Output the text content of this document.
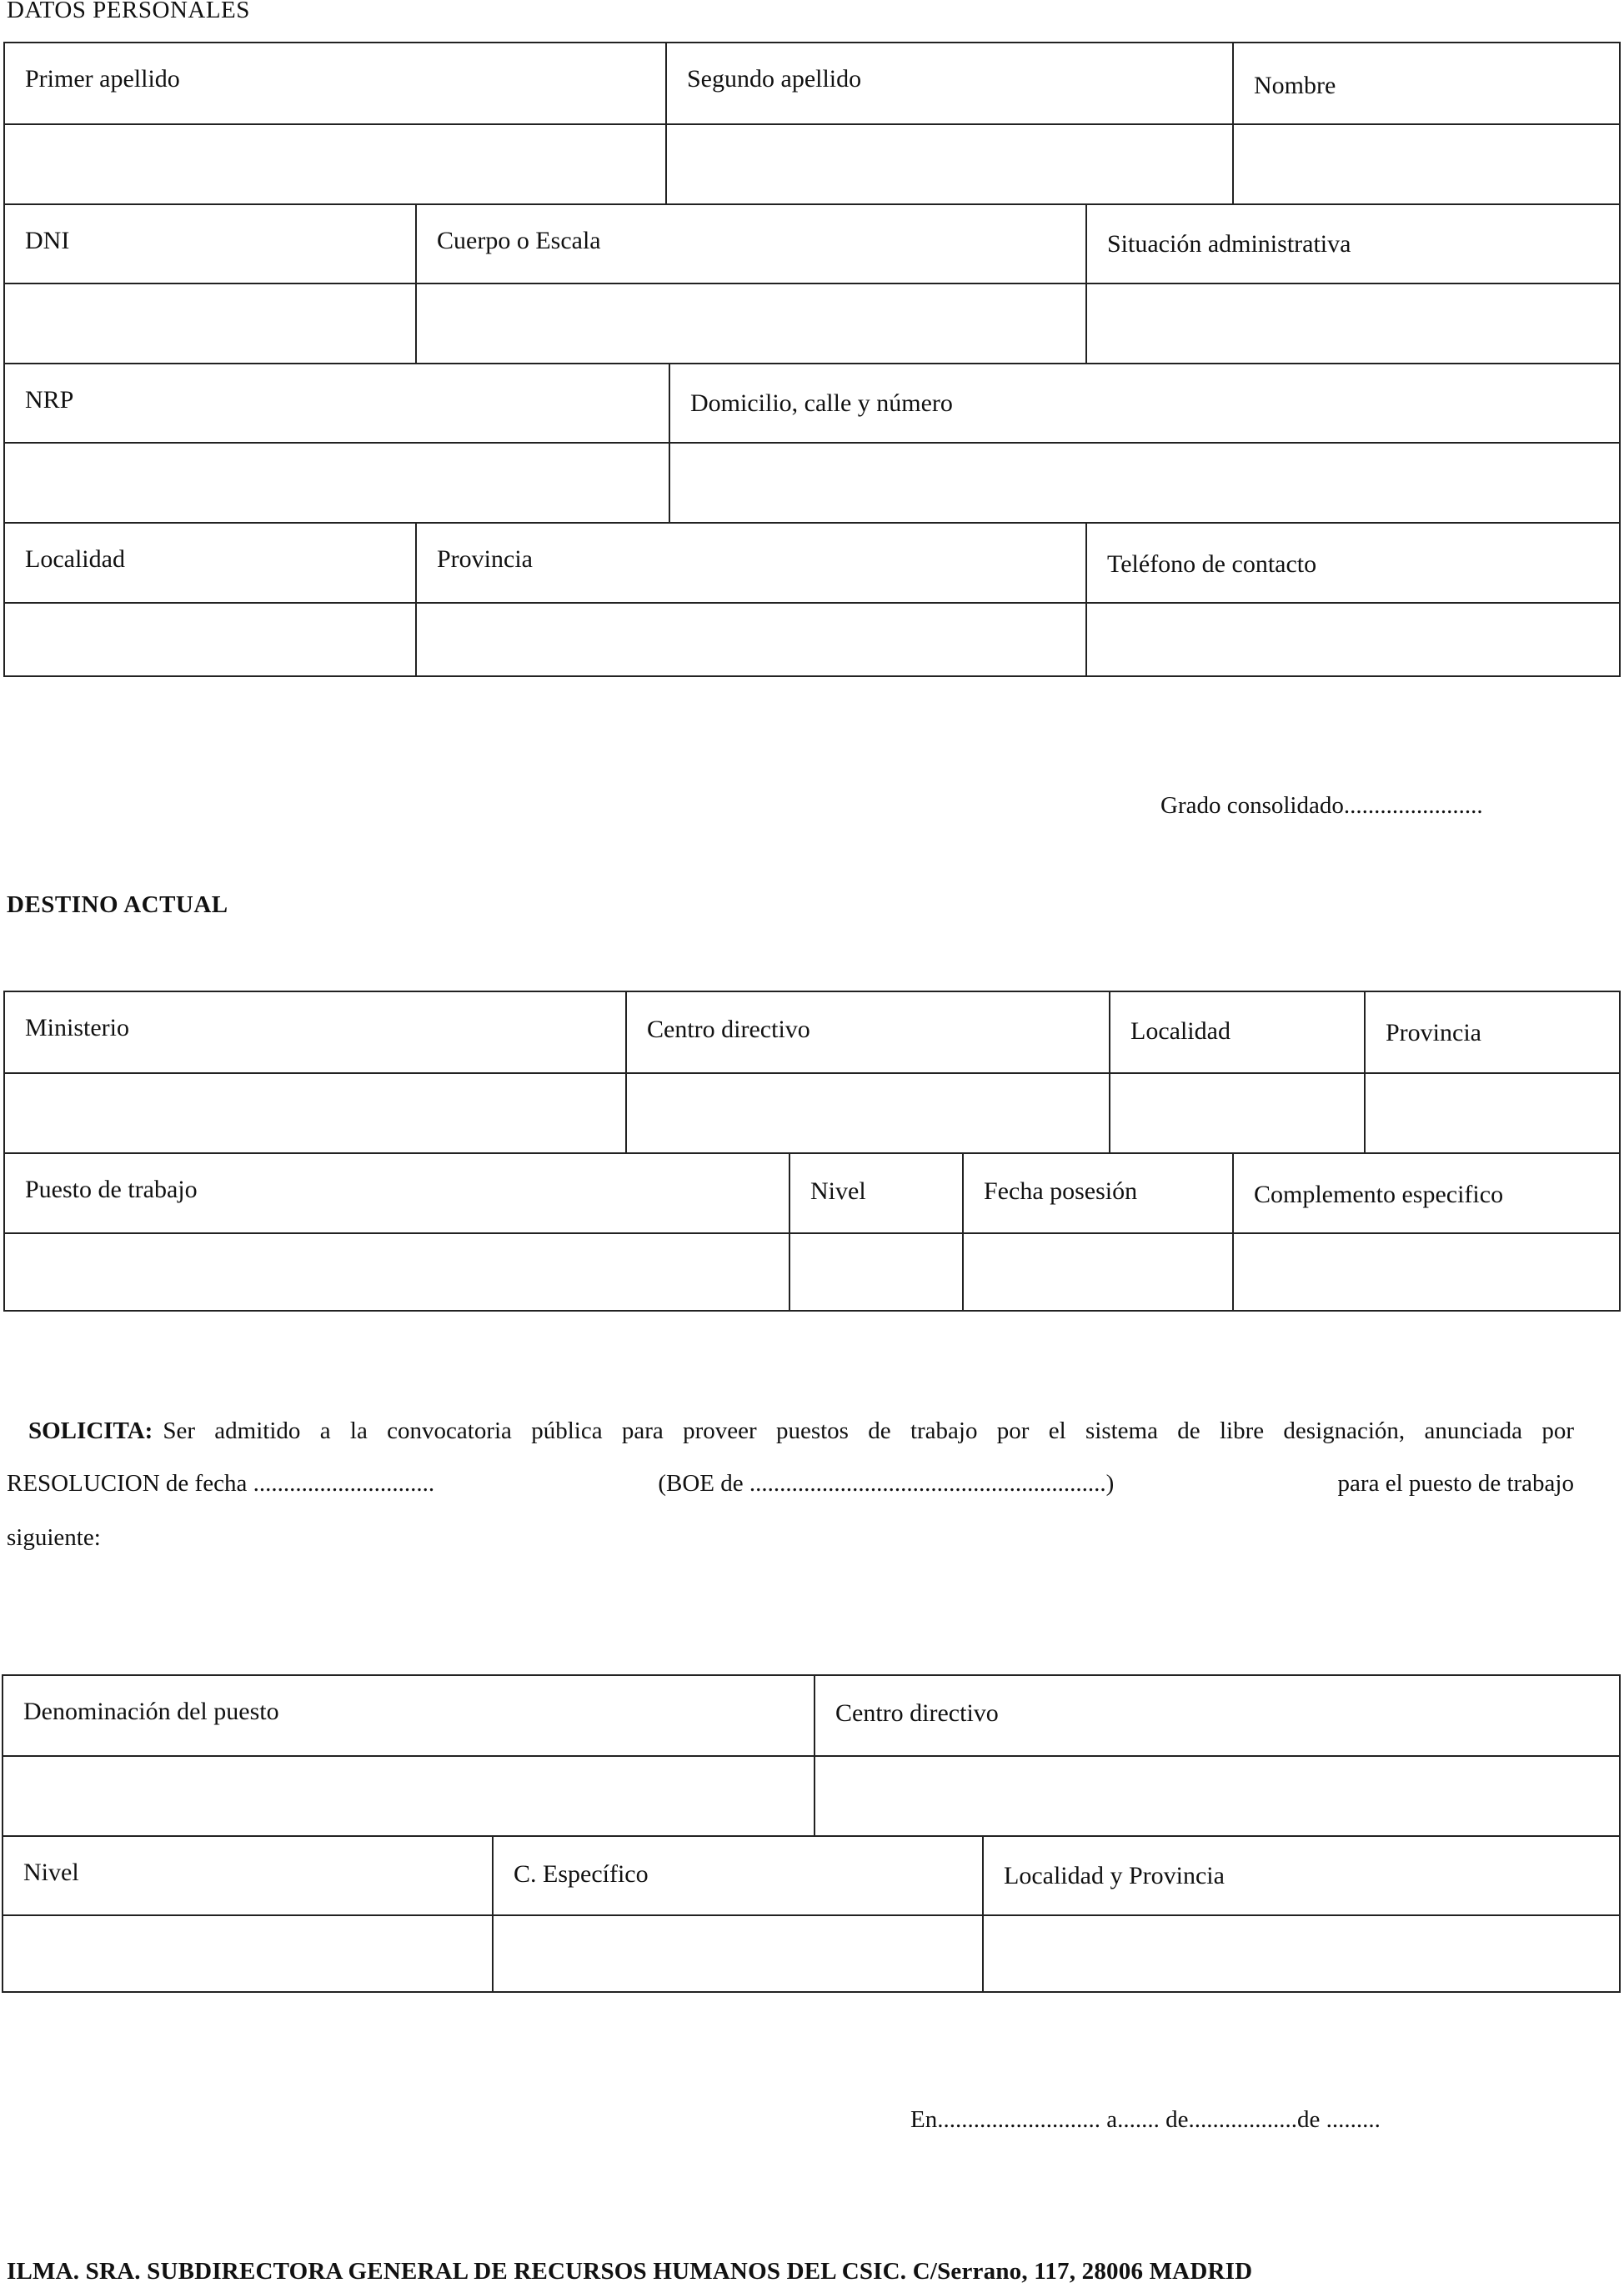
DATOS PERSONALES
Primer apellido	Segundo apellido	Nombre
DNI	Cuerpo o Escala	Situación administrativa
NRP	Domicilio, calle y número
Localidad	Provincia	Teléfono de contacto
Grado consolidado.......................
DESTINO ACTUAL
Ministerio	Centro directivo	Localidad	Provincia
Puesto de trabajo	Nivel	Fecha posesión	Complemento especifico
SOLICITA: Ser admitido a la convocatoria pública para proveer puestos de trabajo por el sistema de libre designación, anunciada por
RESOLUCION de fecha ..............................	(BOE de ...........................................................)	para el puesto de trabajo
siguiente:
Denominación del puesto	Centro directivo
Nivel	C. Específico	Localidad y Provincia
En........................... a....... de..................de .........
ILMA. SRA. SUBDIRECTORA GENERAL DE RECURSOS HUMANOS DEL CSIC. C/Serrano, 117, 28006 MADRID
